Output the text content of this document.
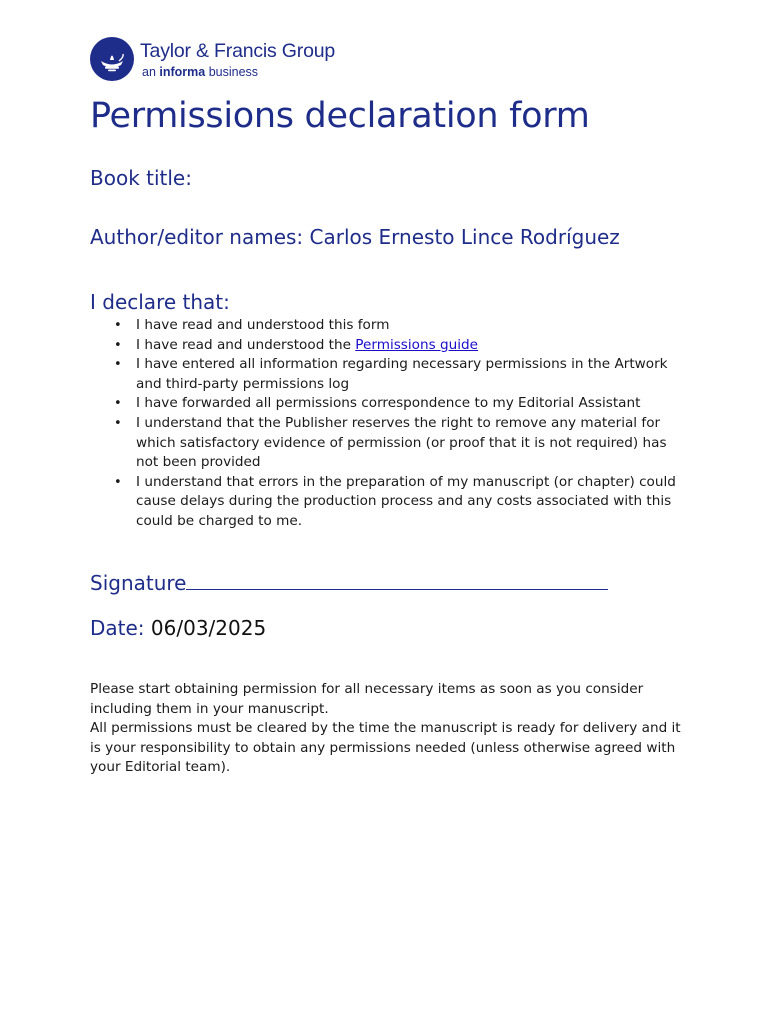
Taylor & Francis Group
an informa business
Permissions declaration form
Book title:
Author/editor names: Carlos Ernesto Lince Rodríguez
I declare that:
• I have read and understood this form
• I have read and understood the Permissions guide
• I have entered all information regarding necessary permissions in the Artwork and third-party permissions log
• I have forwarded all permissions correspondence to my Editorial Assistant
• I understand that the Publisher reserves the right to remove any material for which satisfactory evidence of permission (or proof that it is not required) has not been provided
• I understand that errors in the preparation of my manuscript (or chapter) could cause delays during the production process and any costs associated with this could be charged to me.
Signature
Date: 06/03/2025

Please start obtaining permission for all necessary items as soon as you consider including them in your manuscript.
All permissions must be cleared by the time the manuscript is ready for delivery and it is your responsibility to obtain any permissions needed (unless otherwise agreed with your Editorial team).
